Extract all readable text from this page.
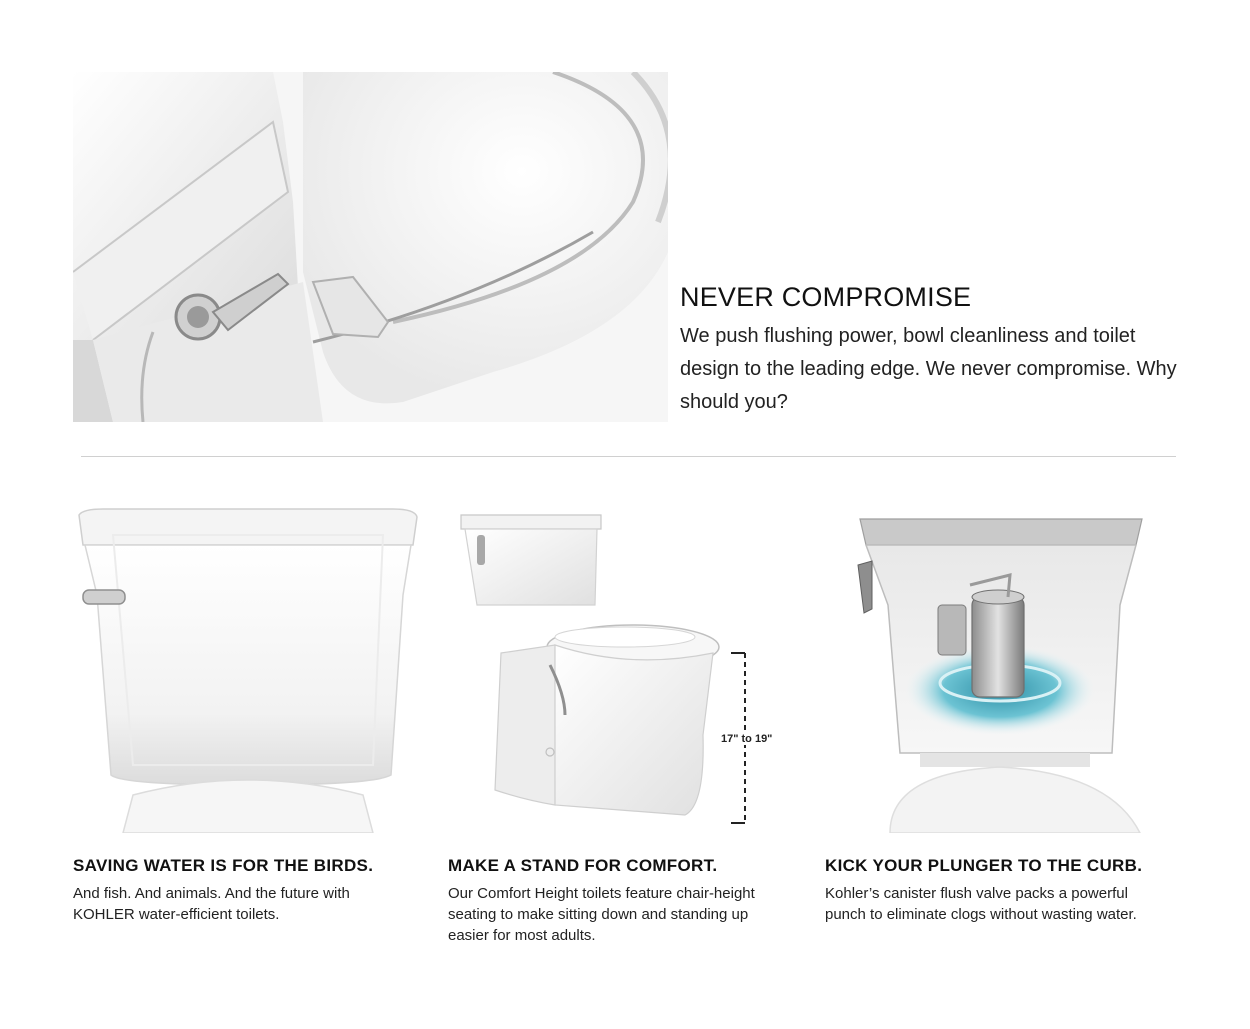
NEVER COMPROMISE

We push flushing power, bowl cleanliness and toilet design to the leading edge. We never compromise. Why should you?

17" to 19"
SAVING WATER IS FOR THE BIRDS.

And fish. And animals. And the future with KOHLER water-efficient toilets.

MAKE A STAND FOR COMFORT.

Our Comfort Height toilets feature chair-height seating to make sitting down and standing up easier for most adults.

KICK YOUR PLUNGER TO THE CURB.

Kohler’s canister flush valve packs a powerful punch to eliminate clogs without wasting water.
